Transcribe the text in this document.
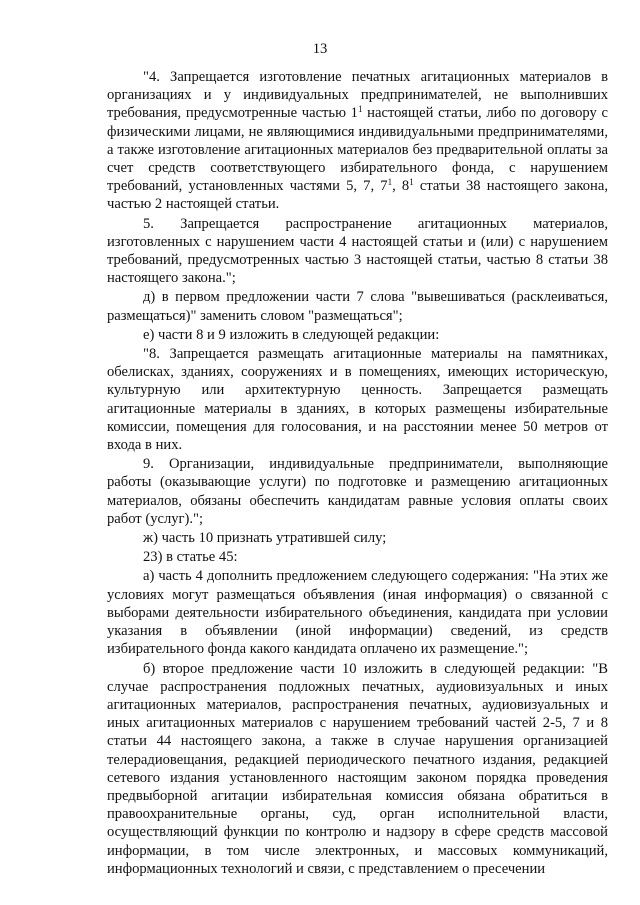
13

"4. Запрещается изготовление печатных агитационных материалов в организациях и у индивидуальных предпринимателей, не выполнивших требования, предусмотренные частью $1^1$ настоящей статьи, либо по договору с физическими лицами, не являющимися индивидуальными предпринимателями, а также изготовление агитационных материалов без предварительной оплаты за счет средств соответствующего избирательного фонда, с нарушением требований, установленных частями 5, 7, $7^1$, $8^1$ статьи 38 настоящего закона, частью 2 настоящей статьи.

5. Запрещается распространение агитационных материалов, изготовленных с нарушением части 4 настоящей статьи и (или) с нарушением требований, предусмотренных частью 3 настоящей статьи, частью 8 статьи 38 настоящего закона.";

д) в первом предложении части 7 слова "вывешиваться (расклеиваться, размещаться)" заменить словом "размещаться";

е) части 8 и 9 изложить в следующей редакции:

"8. Запрещается размещать агитационные материалы на памятниках, обелисках, зданиях, сооружениях и в помещениях, имеющих историческую, культурную или архитектурную ценность. Запрещается размещать агитационные материалы в зданиях, в которых размещены избирательные комиссии, помещения для голосования, и на расстоянии менее 50 метров от входа в них.

9. Организации, индивидуальные предприниматели, выполняющие работы (оказывающие услуги) по подготовке и размещению агитационных материалов, обязаны обеспечить кандидатам равные условия оплаты своих работ (услуг).";

ж) часть 10 признать утратившей силу;

23) в статье 45:

а) часть 4 дополнить предложением следующего содержания: "На этих же условиях могут размещаться объявления (иная информация) о связанной с выборами деятельности избирательного объединения, кандидата при условии указания в объявлении (иной информации) сведений, из средств избирательного фонда какого кандидата оплачено их размещение.";

б) второе предложение части 10 изложить в следующей редакции: "В случае распространения подложных печатных, аудиовизуальных и иных агитационных материалов, распространения печатных, аудиовизуальных и иных агитационных материалов с нарушением требований частей 2-5, 7 и 8 статьи 44 настоящего закона, а также в случае нарушения организацией телерадиовещания, редакцией периодического печатного издания, редакцией сетевого издания установленного настоящим законом порядка проведения предвыборной агитации избирательная комиссия обязана обратиться в правоохранительные органы, суд, орган исполнительной власти, осуществляющий функции по контролю и надзору в сфере средств массовой информации, в том числе электронных, и массовых коммуникаций, информационных технологий и связи, с представлением о пресечении
